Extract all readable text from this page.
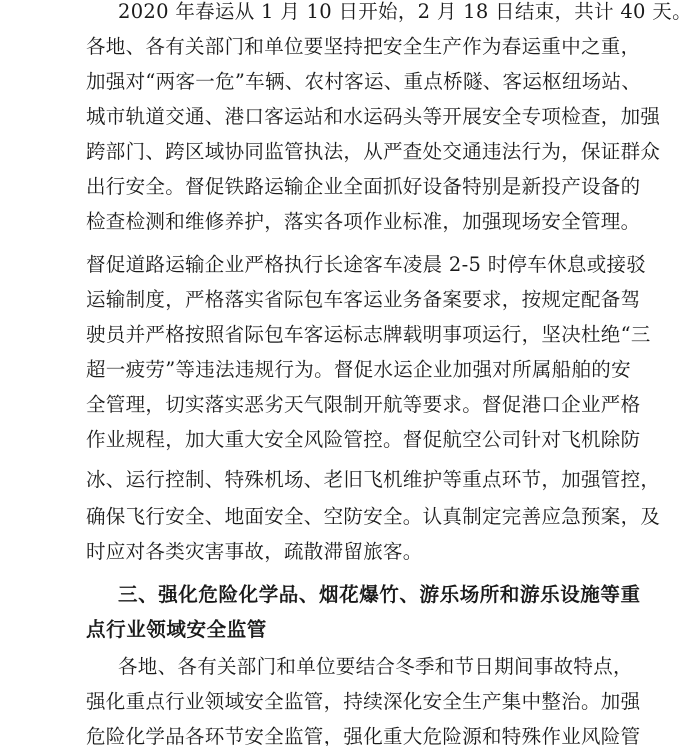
2020 年春运从 1 月 10 日开始，2 月 18 日结束，共计 40 天。
各地、各有关部门和单位要坚持把安全生产作为春运重中之重，
加强对“两客一危”车辆、农村客运、重点桥隧、客运枢纽场站、
城市轨道交通、港口客运站和水运码头等开展安全专项检查，加强
跨部门、跨区域协同监管执法，从严查处交通违法行为，保证群众
出行安全。督促铁路运输企业全面抓好设备特别是新投产设备的
检查检测和维修养护，落实各项作业标准，加强现场安全管理。
督促道路运输企业严格执行长途客车凌晨 2-5 时停车休息或接驳
运输制度，严格落实省际包车客运业务备案要求，按规定配备驾
驶员并严格按照省际包车客运标志牌载明事项运行，坚决杜绝“三
超一疲劳”等违法违规行为。督促水运企业加强对所属船舶的安
全管理，切实落实恶劣天气限制开航等要求。督促港口企业严格
作业规程，加大重大安全风险管控。督促航空公司针对飞机除防
冰、运行控制、特殊机场、老旧飞机维护等重点环节，加强管控，
确保飞行安全、地面安全、空防安全。认真制定完善应急预案，及
时应对各类灾害事故，疏散滞留旅客。
三、强化危险化学品、烟花爆竹、游乐场所和游乐设施等重
点行业领域安全监管
各地、各有关部门和单位要结合冬季和节日期间事故特点，
强化重点行业领域安全监管，持续深化安全生产集中整治。加强
危险化学品各环节安全监管，强化重大危险源和特殊作业风险管
